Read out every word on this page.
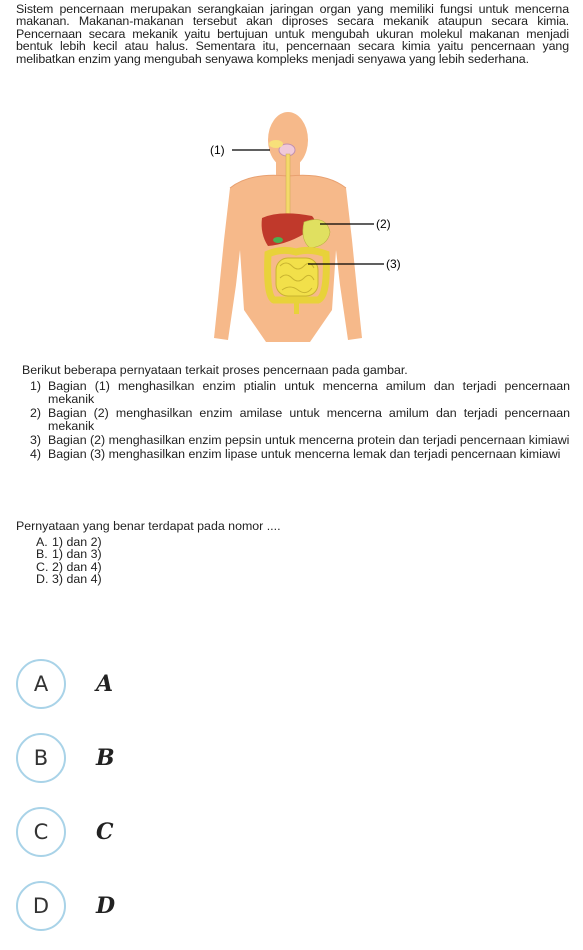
Sistem pencernaan merupakan serangkaian jaringan organ yang memiliki fungsi untuk mencerna makanan. Makanan-makanan tersebut akan diproses secara mekanik ataupun secara kimia. Pencernaan secara mekanik yaitu bertujuan untuk mengubah ukuran molekul makanan menjadi bentuk lebih kecil atau halus. Sementara itu, pencernaan secara kimia yaitu pencernaan yang melibatkan enzim yang mengubah senyawa kompleks menjadi senyawa yang lebih sederhana.
(1)
(2)
(3)
Berikut beberapa pernyataan terkait proses pencernaan pada gambar.
1) Bagian (1) menghasilkan enzim ptialin untuk mencerna amilum dan terjadi pencernaan mekanik
2) Bagian (2) menghasilkan enzim amilase untuk mencerna amilum dan terjadi pencernaan mekanik
3) Bagian (2) menghasilkan enzim pepsin untuk mencerna protein dan terjadi pencernaan kimiawi
4) Bagian (3) menghasilkan enzim lipase untuk mencerna lemak dan terjadi pencernaan kimiawi
Pernyataan yang benar terdapat pada nomor ....
A. 1) dan 2)
B. 1) dan 3)
C. 2) dan 4)
D. 3) dan 4)
A	A
B	B
C	C
D	D
